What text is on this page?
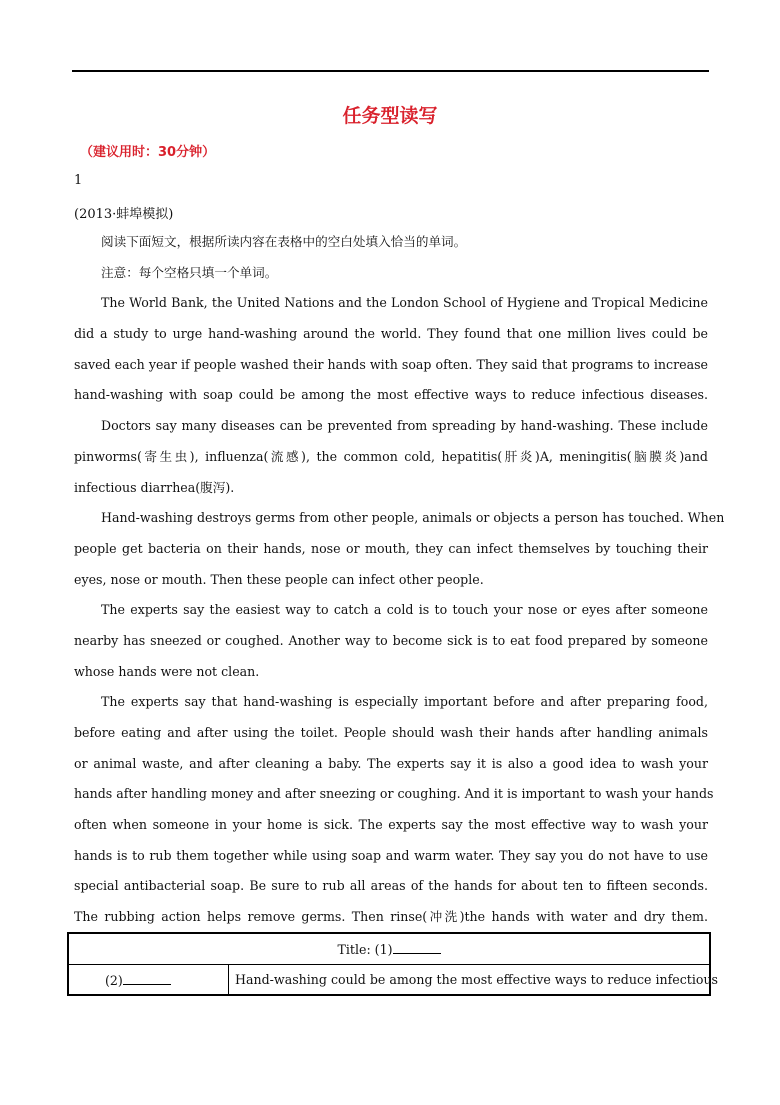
任务型读写
（建议用时：30分钟）
1
(2013·蚌埠模拟)
阅读下面短文，根据所读内容在表格中的空白处填入恰当的单词。
注意：每个空格只填一个单词。
The World Bank, the United Nations and the London School of Hygiene and Tropical Medicine
did a study to urge hand-washing around the world. They found that one million lives could be
saved each year if people washed their hands with soap often. They said that programs to increase
hand-washing with soap could be among the most effective ways to reduce infectious diseases.
Doctors say many diseases can be prevented from spreading by hand-washing. These include
pinworms(寄生虫), influenza(流感), the common cold, hepatitis(肝炎)A, meningitis(脑膜炎)and
infectious diarrhea(腹泻).
Hand-washing destroys germs from other people, animals or objects a person has touched. When
people get bacteria on their hands, nose or mouth, they can infect themselves by touching their
eyes, nose or mouth. Then these people can infect other people.
The experts say the easiest way to catch a cold is to touch your nose or eyes after someone
nearby has sneezed or coughed. Another way to become sick is to eat food prepared by someone
whose hands were not clean.
The experts say that hand-washing is especially important before and after preparing food,
before eating and after using the toilet. People should wash their hands after handling animals
or animal waste, and after cleaning a baby. The experts say it is also a good idea to wash your
hands after handling money and after sneezing or coughing. And it is important to wash your hands
often when someone in your home is sick. The experts say the most effective way to wash your
hands is to rub them together while using soap and warm water. They say you do not have to use
special antibacterial soap. Be sure to rub all areas of the hands for about ten to fifteen seconds.
The rubbing action helps remove germs. Then rinse(冲洗)the hands with water and dry them.
Title: (1)
(2)	Hand-washing could be among the most effective ways to reduce infectious
